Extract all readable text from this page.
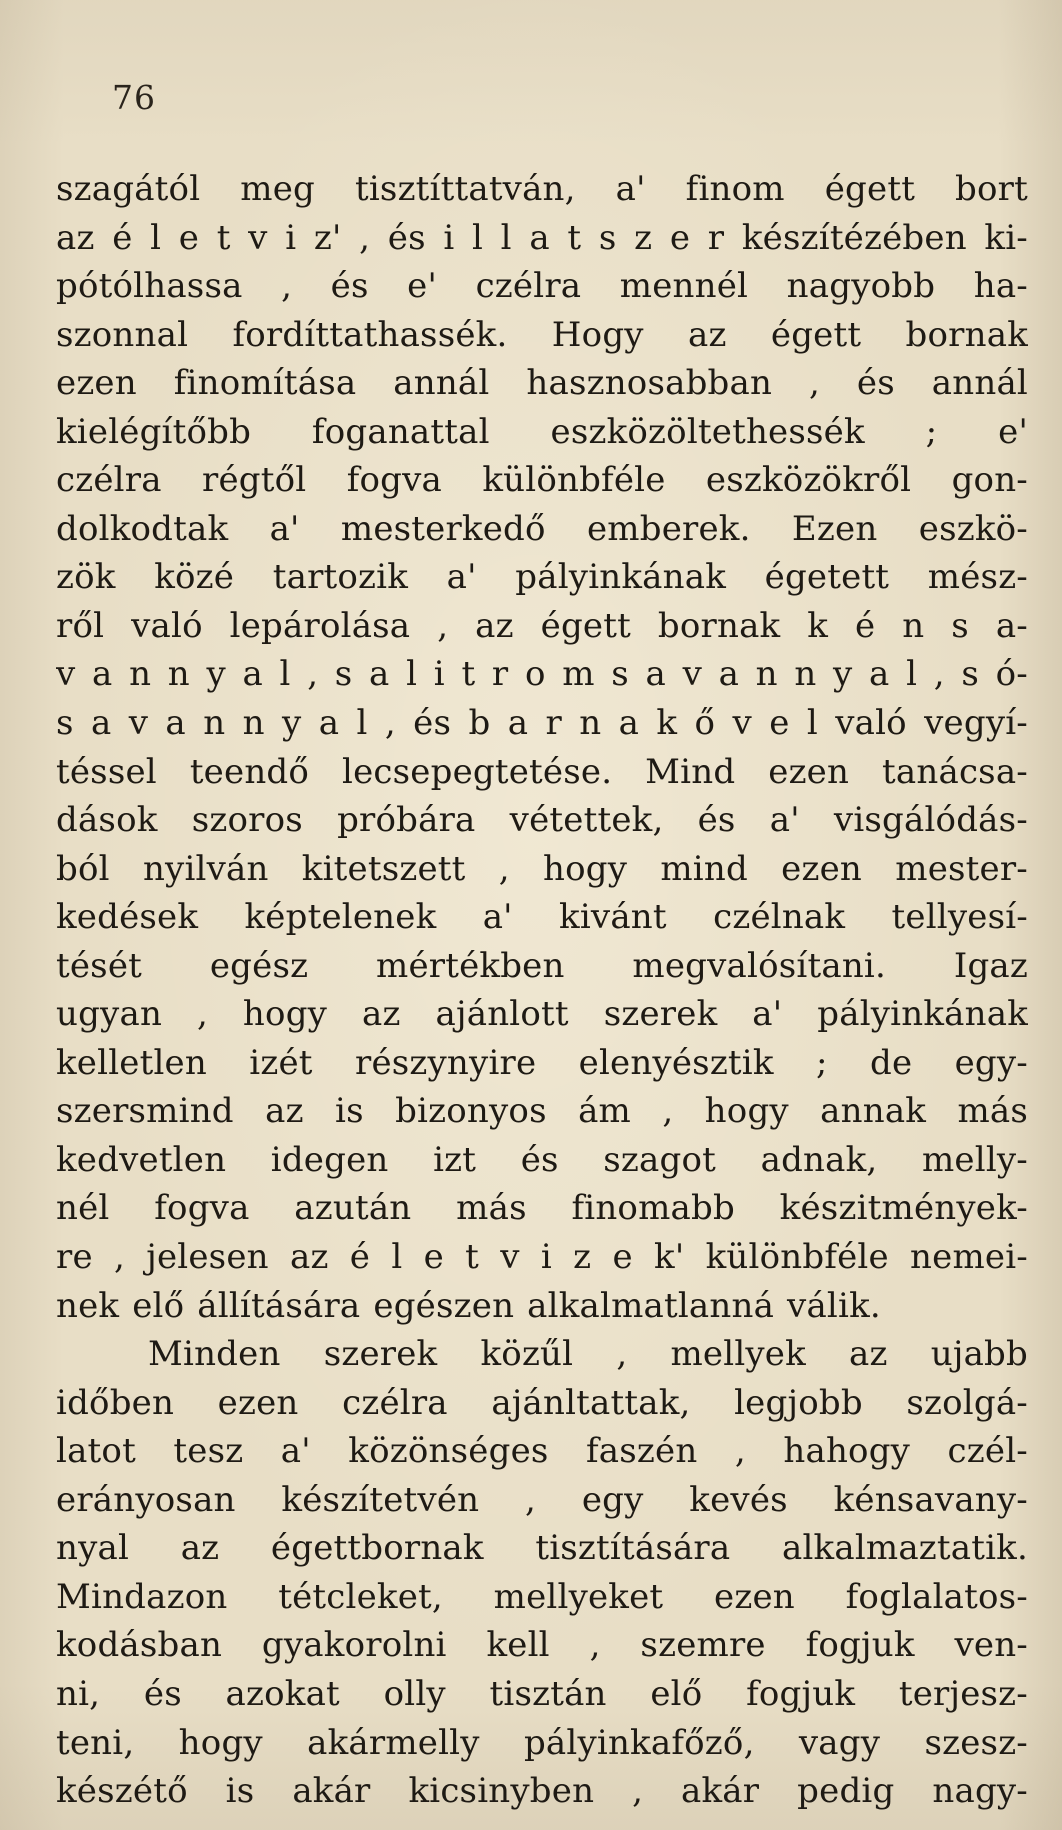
76
szagától meg tisztíttatván, a' finom égett bort
az é l e t v i z' , és i l l a t s z e r készítézében ki-
pótólhassa , és e' czélra mennél nagyobb ha-
szonnal fordíttathassék. Hogy az égett bornak
ezen finomítása annál hasznosabban , és annál
kielégítőbb foganattal eszközöltethessék ; e'
czélra régtől fogva különbféle eszközökről gon-
dolkodtak a' mesterkedő emberek. Ezen eszkö-
zök közé tartozik a' pályinkának égetett mész-
ről való lepárolása , az égett bornak k é n s a-
v a n n y a l , s a l i t r o m s a v a n n y a l , s ó-
s a v a n n y a l , és b a r n a k ő v e l való vegyí-
téssel teendő lecsepegtetése. Mind ezen tanácsa-
dások szoros próbára vétettek, és a' visgálódás-
ból nyilván kitetszett , hogy mind ezen mester-
kedések képtelenek a' kivánt czélnak tellyesí-
tését egész mértékben megvalósítani. Igaz
ugyan , hogy az ajánlott szerek a' pályinkának
kelletlen izét részynyire elenyésztik ; de egy-
szersmind az is bizonyos ám , hogy annak más
kedvetlen idegen izt és szagot adnak, melly-
nél fogva azután más finomabb készitmények-
re , jelesen az é l e t v i z e k' különbféle nemei-
nek elő állítására egészen alkalmatlanná válik.
Minden szerek közűl , mellyek az ujabb
időben ezen czélra ajánltattak, legjobb szolgá-
latot tesz a' közönséges faszén , hahogy czél-
erányosan készítetvén , egy kevés kénsavany-
nyal az égettbornak tisztítására alkalmaztatik.
Mindazon tétcleket, mellyeket ezen foglalatos-
kodásban gyakorolni kell , szemre fogjuk ven-
ni, és azokat olly tisztán elő fogjuk terjesz-
teni, hogy akármelly pályinkafőző, vagy szesz-
készétő is akár kicsinyben , akár pedig nagy-
